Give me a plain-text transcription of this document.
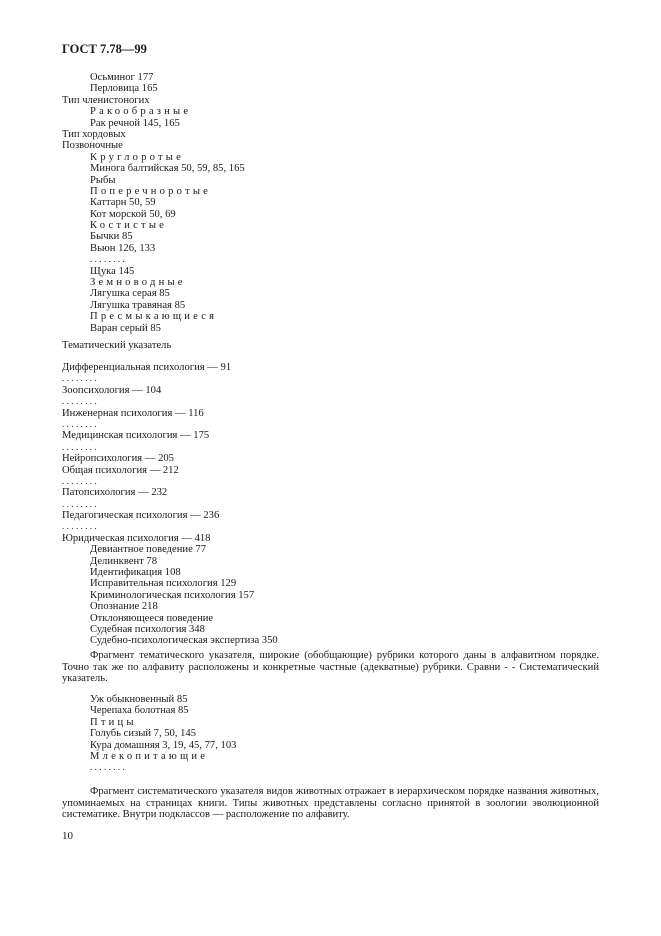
ГОСТ 7.78—99
Осьминог 177
Перловица 165
Тип членистоногих
Ракообразные
Рак речной 145, 165
Тип хордовых
Позвоночные
Круглоротые
Минога балтийская 50, 59, 85, 165
Рыбы
Поперечноротые
Каттарн 50, 59
Кот морской 50, 69
Костистые
Бычки 85
Вьюн 126, 133
........
Щука 145
Земноводные
Лягушка серая 85
Лягушка травяная 85
Пресмыкающиеся
Варан серый 85
Тематический указатель
Дифференциальная психология — 91
........
Зоопсихология — 104
........
Инженерная психология — 116
........
Медицинская психология — 175
........
Нейропсихология — 205
Общая психология — 212
........
Патопсихология — 232
........
Педагогическая психология — 236
........
Юридическая психология — 418
Девиантное поведение 77
Делинквент 78
Идентификация 108
Исправительная психология 129
Криминологическая психология 157
Опознание 218
Отклоняющееся поведение
Судебная психология 348
Судебно-психологическая экспертиза 350
Фрагмент тематического указателя, широкие (обобщающие) рубрики которого даны в алфавитном порядке. Точно так же по алфавиту расположены и конкретные частные (адекватные) рубрики. Сравни - - Систематический указатель.
Уж обыкновенный 85
Черепаха болотная 85
Птицы
Голубь сизый 7, 50, 145
Кура домашняя 3, 19, 45, 77, 103
Млекопитающие
........
Фрагмент систематического указателя видов животных отражает в иерархическом порядке названия животных, упоминаемых на страницах книги. Типы животных представлены согласно принятой в зоологии эволюционной систематике. Внутри подклассов — расположение по алфавиту.
10
